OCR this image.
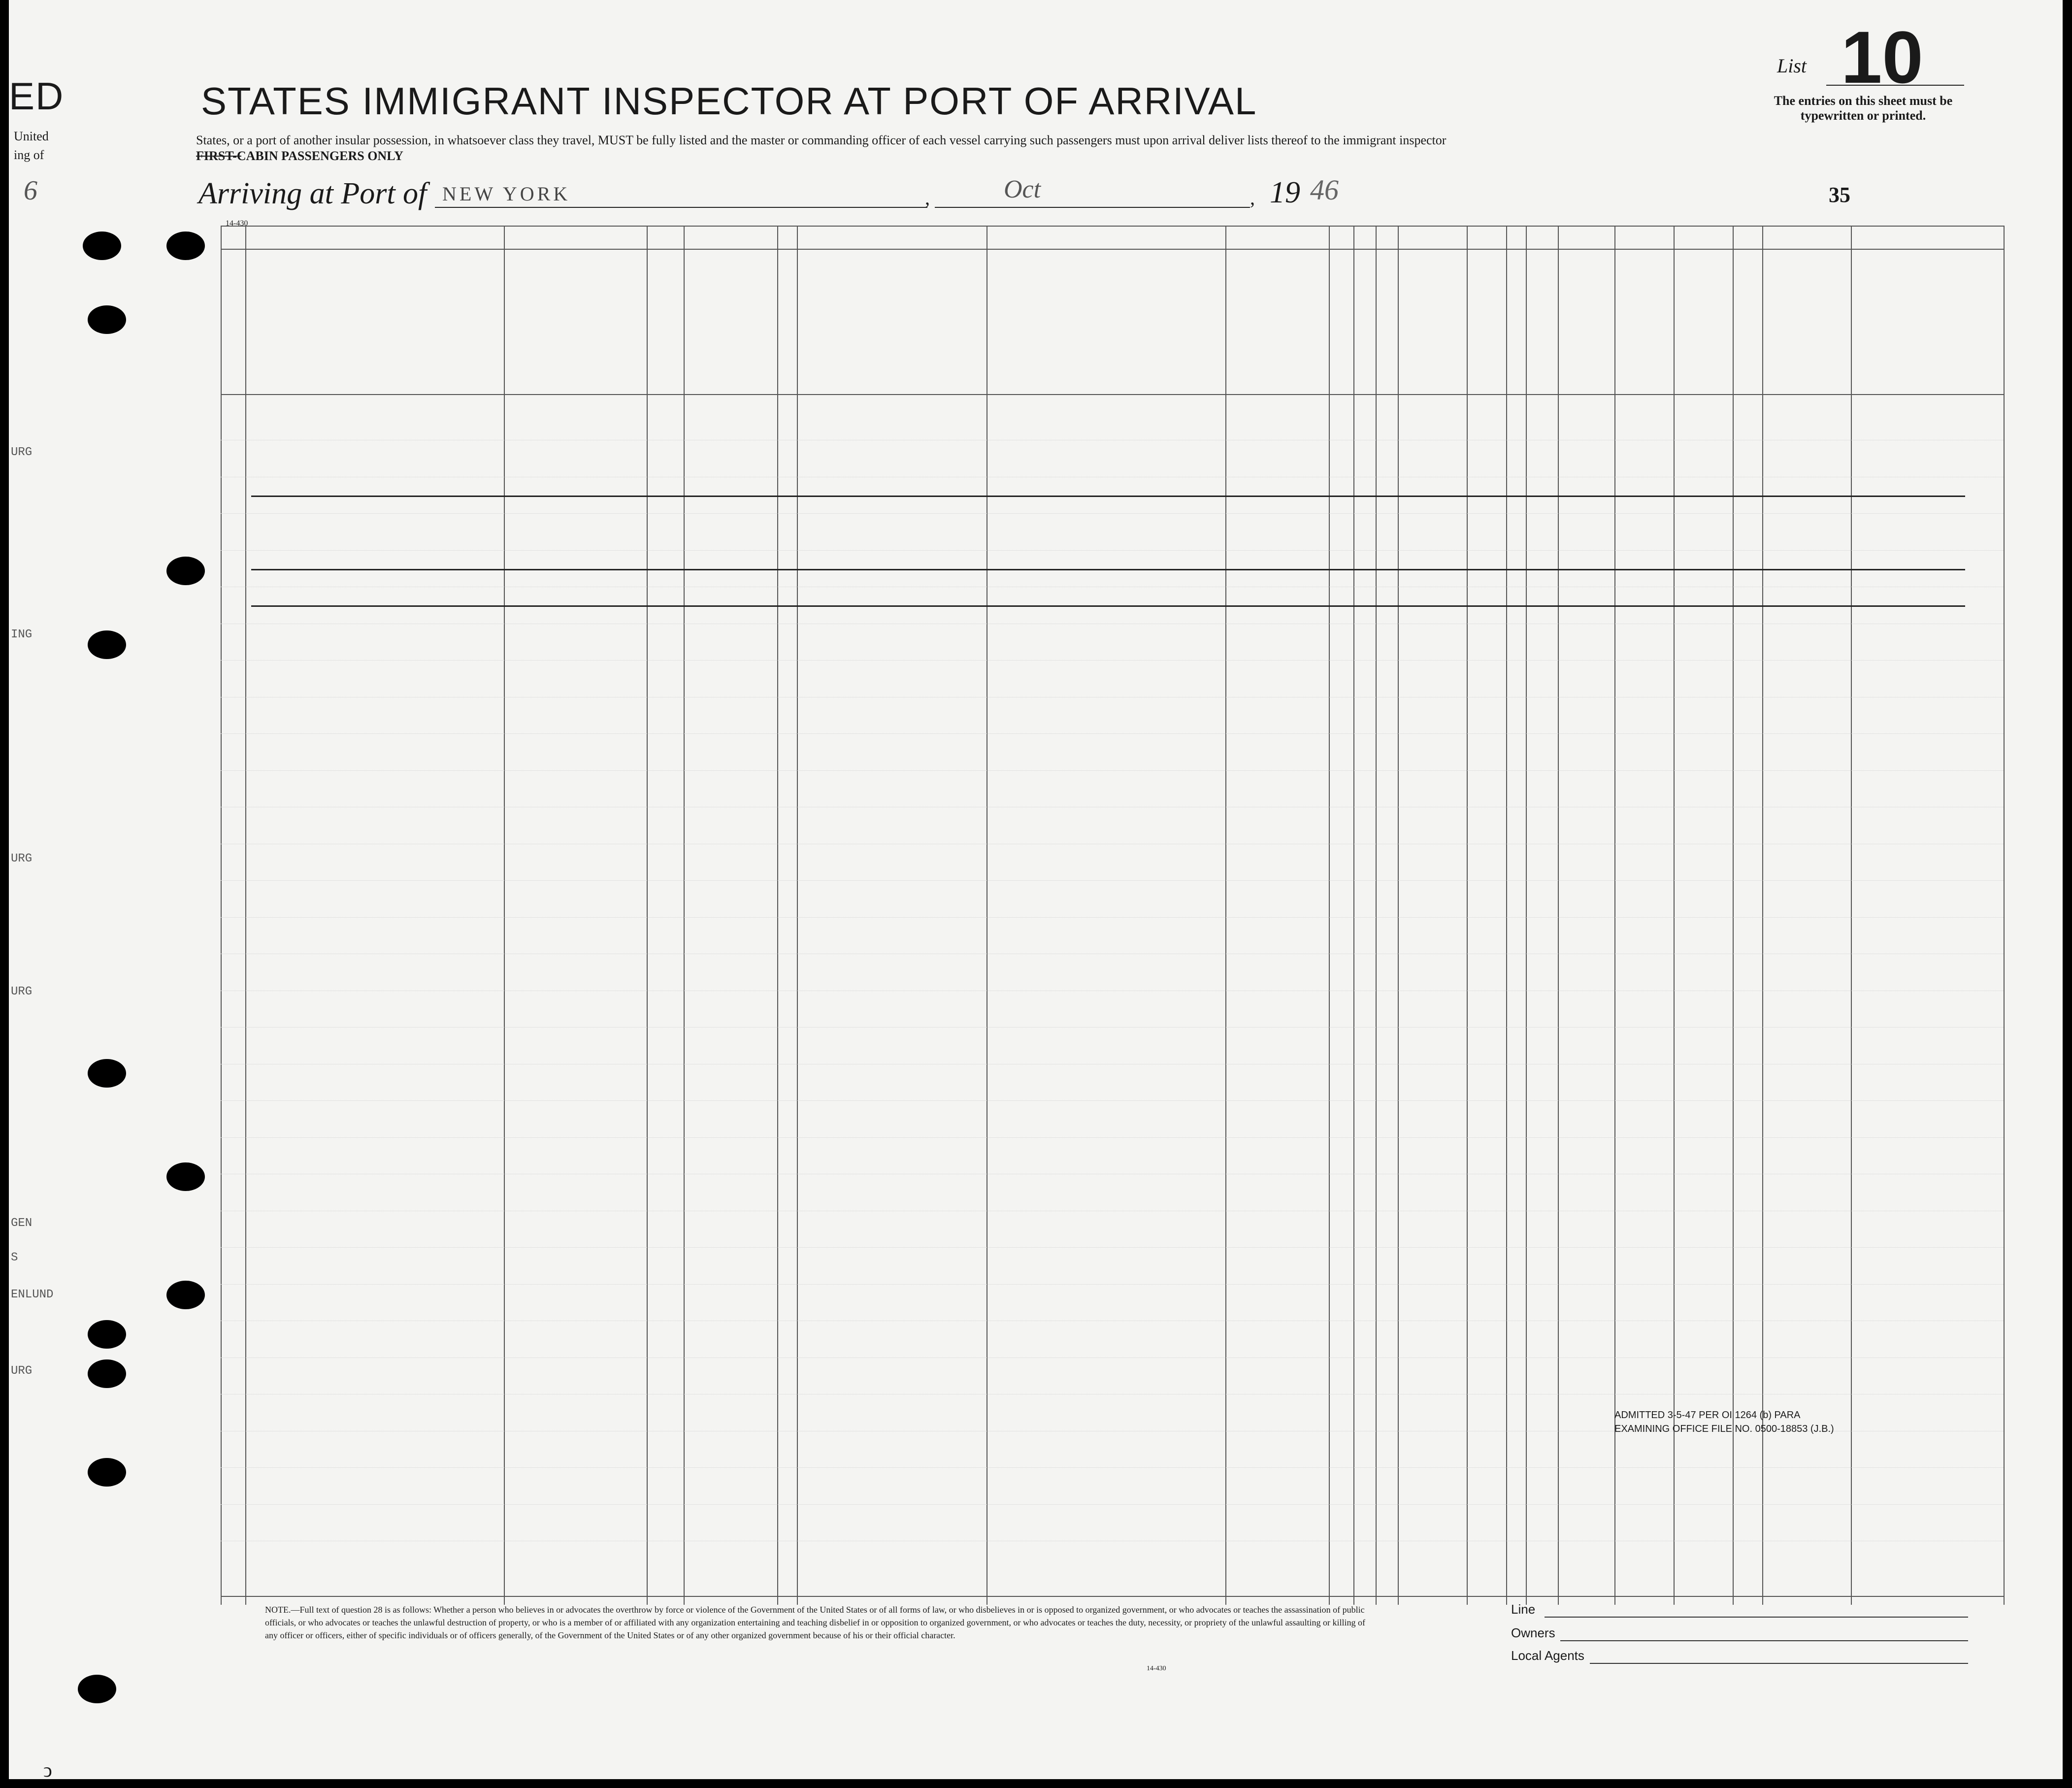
ED
United
ing of
6
STATES IMMIGRANT INSPECTOR AT PORT OF ARRIVAL
States, or a port of another insular possession, in whatsoever class they travel, MUST be fully listed and the master or commanding officer of each vessel carrying such passengers must upon arrival deliver lists thereof to the immigrant inspector
FIRST-CABIN PASSENGERS ONLY
Arriving at Port of NEW YORK	,	Oct	, 19 46	35
List 10
The entries on this sheet must be typewritten or printed.
14-430
URG
ING
URG
URG
GEN
S
ENLUND
URG
ADMITTED 3-5-47 PER OI 1264 (b) PARA
EXAMINING OFFICE FILE NO. 0500-18853 (J.B.)
NOTE.—Full text of question 28 is as follows: Whether a person who believes in or advocates the overthrow by force or violence of the Government of the United States or of all forms of law, or who disbelieves in or is opposed to organized government, or who advocates or teaches the assassination of public officials, or who advocates or teaches the unlawful destruction of property, or who is a member of or affiliated with any organization entertaining and teaching disbelief in or opposition to organized government, or who advocates or teaches the duty, necessity, or propriety of the unlawful assaulting or killing of any officer or officers, either of specific individuals or of officers generally, of the Government of the United States or of any other organized government because of his or their official character.
14-430
Line
Owners
Local Agents
ↄ
